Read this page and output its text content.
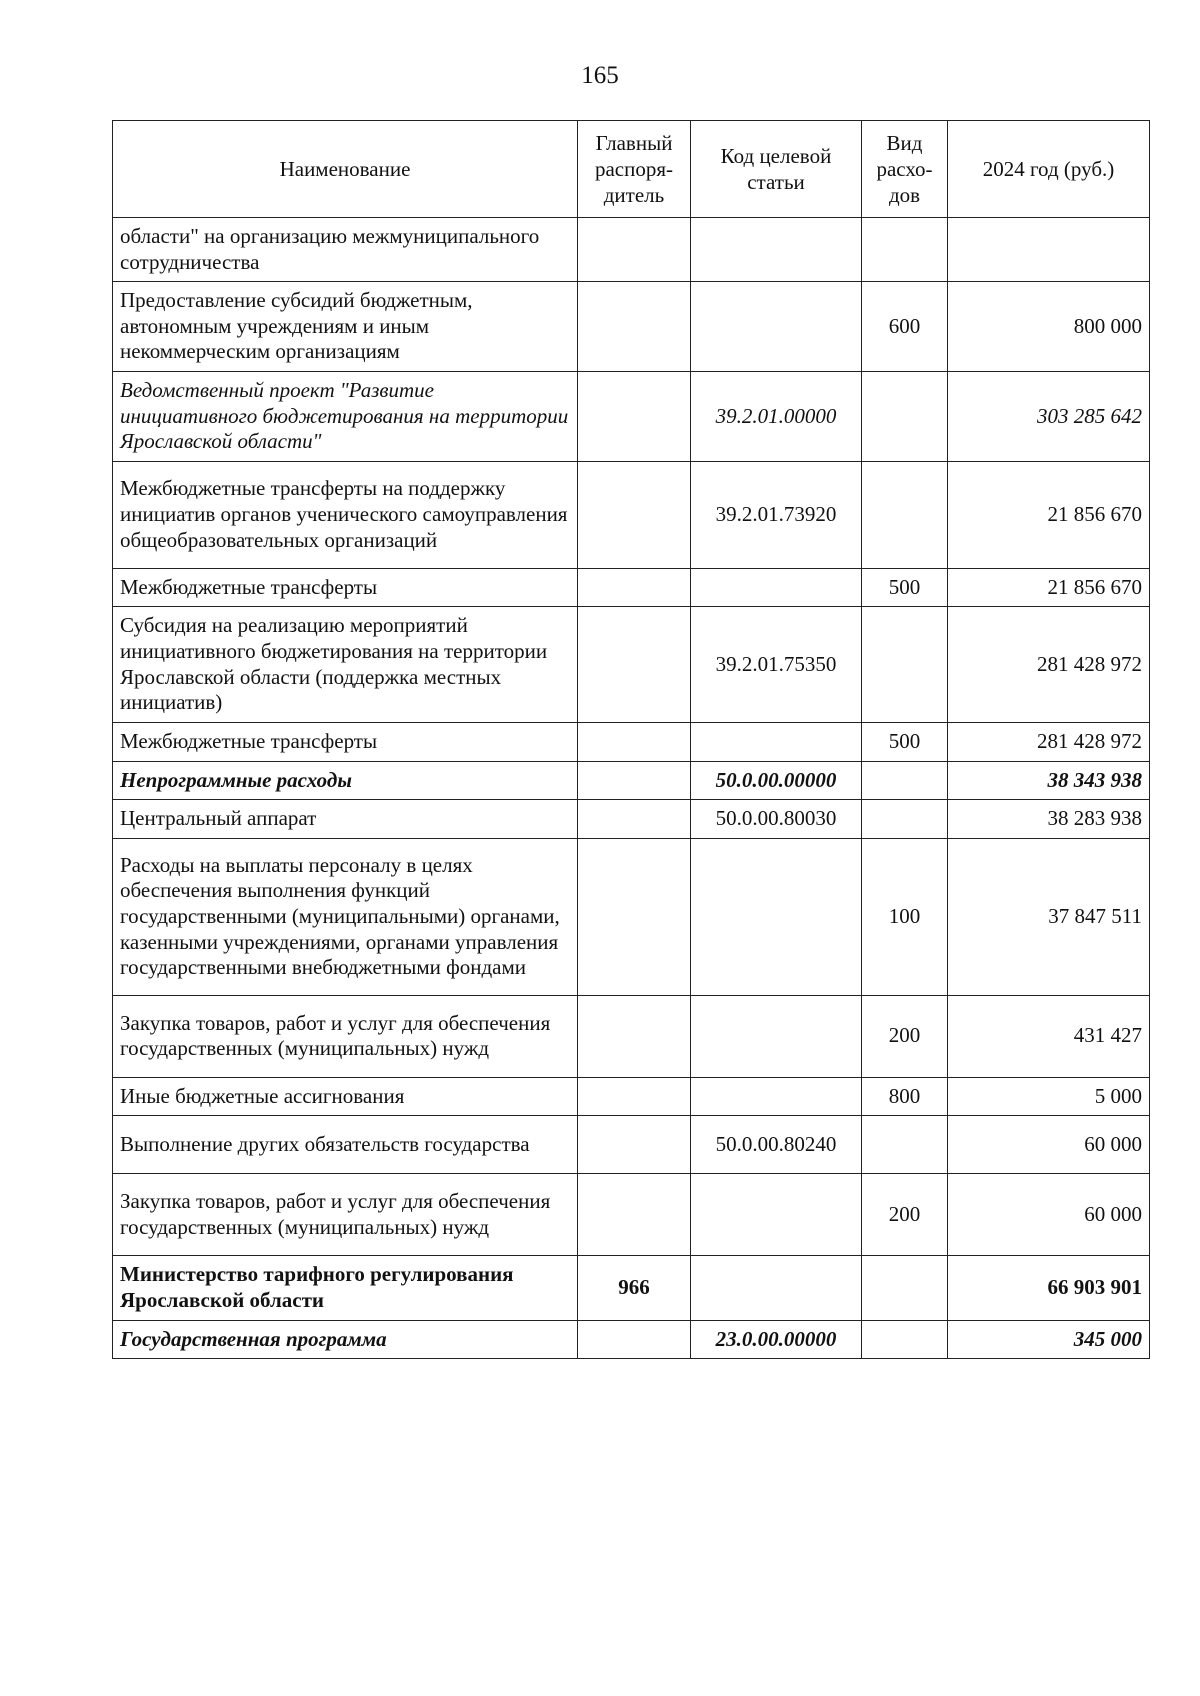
165
Наименование	Главный распоря-дитель	Код целевой статьи	Вид расхо-дов	2024 год (руб.)
области" на организацию межмуниципального сотрудничества				
Предоставление субсидий бюджетным, автономным учреждениям и иным некоммерческим организациям			600	800 000
Ведомственный проект "Развитие инициативного бюджетирования на территории Ярославской области"		39.2.01.00000		303 285 642
Межбюджетные трансферты на поддержку инициатив органов ученического самоуправления общеобразовательных организаций		39.2.01.73920		21 856 670
Межбюджетные трансферты			500	21 856 670
Субсидия на реализацию мероприятий инициативного бюджетирования на территории Ярославской области (поддержка местных инициатив)		39.2.01.75350		281 428 972
Межбюджетные трансферты			500	281 428 972
Непрограммные расходы		50.0.00.00000		38 343 938
Центральный аппарат		50.0.00.80030		38 283 938
Расходы на выплаты персоналу в целях обеспечения выполнения функций государственными (муниципальными) органами, казенными учреждениями, органами управления государственными внебюджетными фондами			100	37 847 511
Закупка товаров, работ и услуг для обеспечения государственных (муниципальных) нужд			200	431 427
Иные бюджетные ассигнования			800	5 000
Выполнение других обязательств государства		50.0.00.80240		60 000
Закупка товаров, работ и услуг для обеспечения государственных (муниципальных) нужд			200	60 000
Министерство тарифного регулирования Ярославской области	966			66 903 901
Государственная программа		23.0.00.00000		345 000
